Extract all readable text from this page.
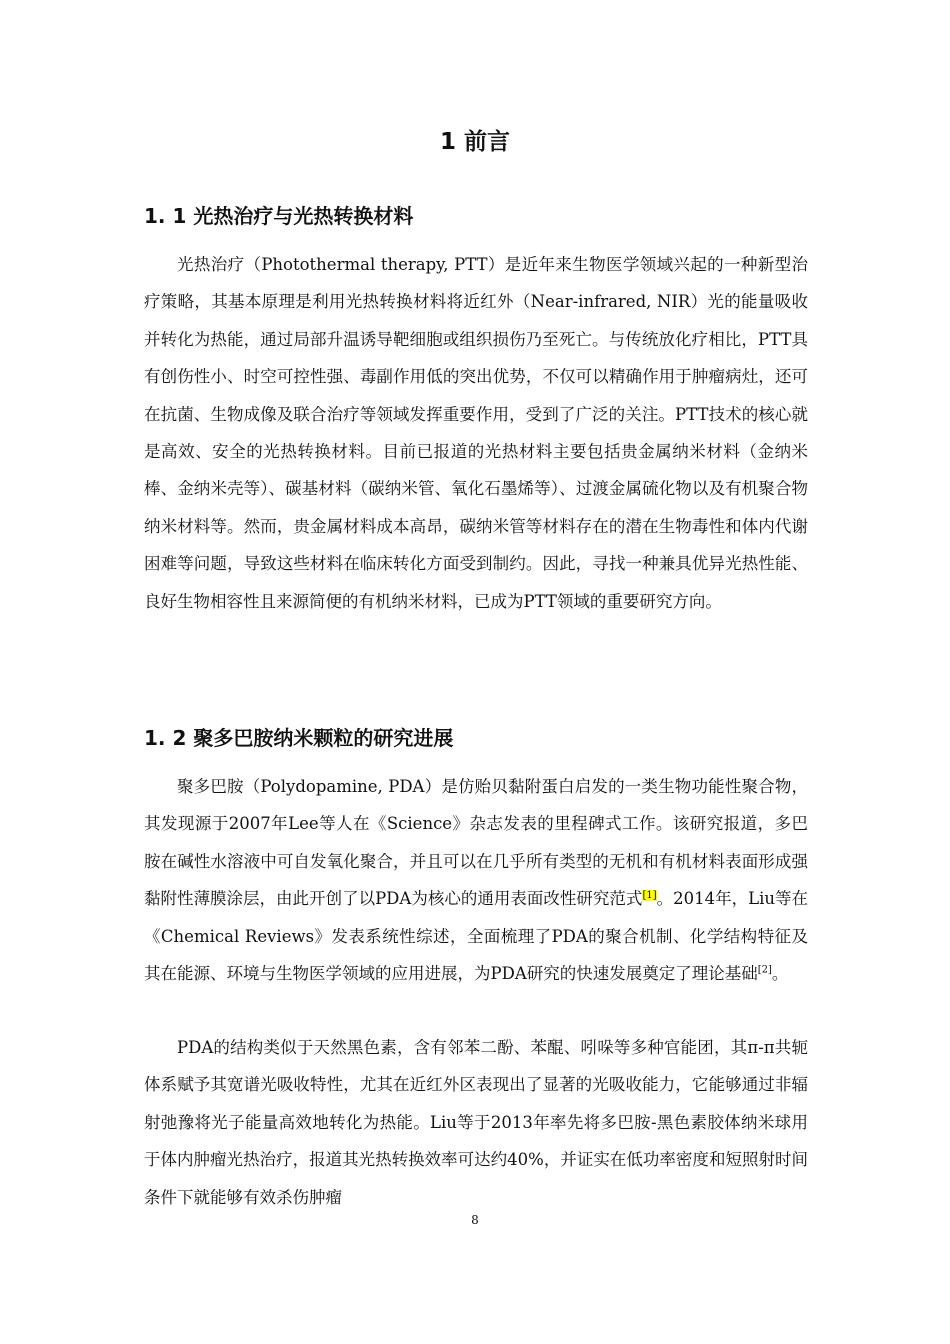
1 前言
1. 1 光热治疗与光热转换材料

光热治疗（Photothermal therapy, PTT）是近年来生物医学领域兴起的一种新型治疗策略，其基本原理是利用光热转换材料将近红外（Near-infrared, NIR）光的能量吸收并转化为热能，通过局部升温诱导靶细胞或组织损伤乃至死亡。与传统放化疗相比，PTT具有创伤性小、时空可控性强、毒副作用低的突出优势，不仅可以精确作用于肿瘤病灶，还可在抗菌、生物成像及联合治疗等领域发挥重要作用，受到了广泛的关注。PTT技术的核心就是高效、安全的光热转换材料。目前已报道的光热材料主要包括贵金属纳米材料（金纳米棒、金纳米壳等）、碳基材料（碳纳米管、氧化石墨烯等）、过渡金属硫化物以及有机聚合物纳米材料等。然而，贵金属材料成本高昂，碳纳米管等材料存在的潜在生物毒性和体内代谢困难等问题，导致这些材料在临床转化方面受到制约。因此，寻找一种兼具优异光热性能、良好生物相容性且来源简便的有机纳米材料，已成为PTT领域的重要研究方向。

1. 2 聚多巴胺纳米颗粒的研究进展

聚多巴胺（Polydopamine, PDA）是仿贻贝黏附蛋白启发的一类生物功能性聚合物，其发现源于2007年Lee等人在《Science》杂志发表的里程碑式工作。该研究报道，多巴胺在碱性水溶液中可自发氧化聚合，并且可以在几乎所有类型的无机和有机材料表面形成强黏附性薄膜涂层，由此开创了以PDA为核心的通用表面改性研究范式[1]。2014年，Liu等在《Chemical Reviews》发表系统性综述，全面梳理了PDA的聚合机制、化学结构特征及其在能源、环境与生物医学领域的应用进展，为PDA研究的快速发展奠定了理论基础[2]。

PDA的结构类似于天然黑色素，含有邻苯二酚、苯醌、吲哚等多种官能团，其π-π共轭体系赋予其宽谱光吸收特性，尤其在近红外区表现出了显著的光吸收能力，它能够通过非辐射弛豫将光子能量高效地转化为热能。Liu等于2013年率先将多巴胺-黑色素胶体纳米球用于体内肿瘤光热治疗，报道其光热转换效率可达约40%，并证实在低功率密度和短照射时间条件下就能够有效杀伤肿瘤

8
